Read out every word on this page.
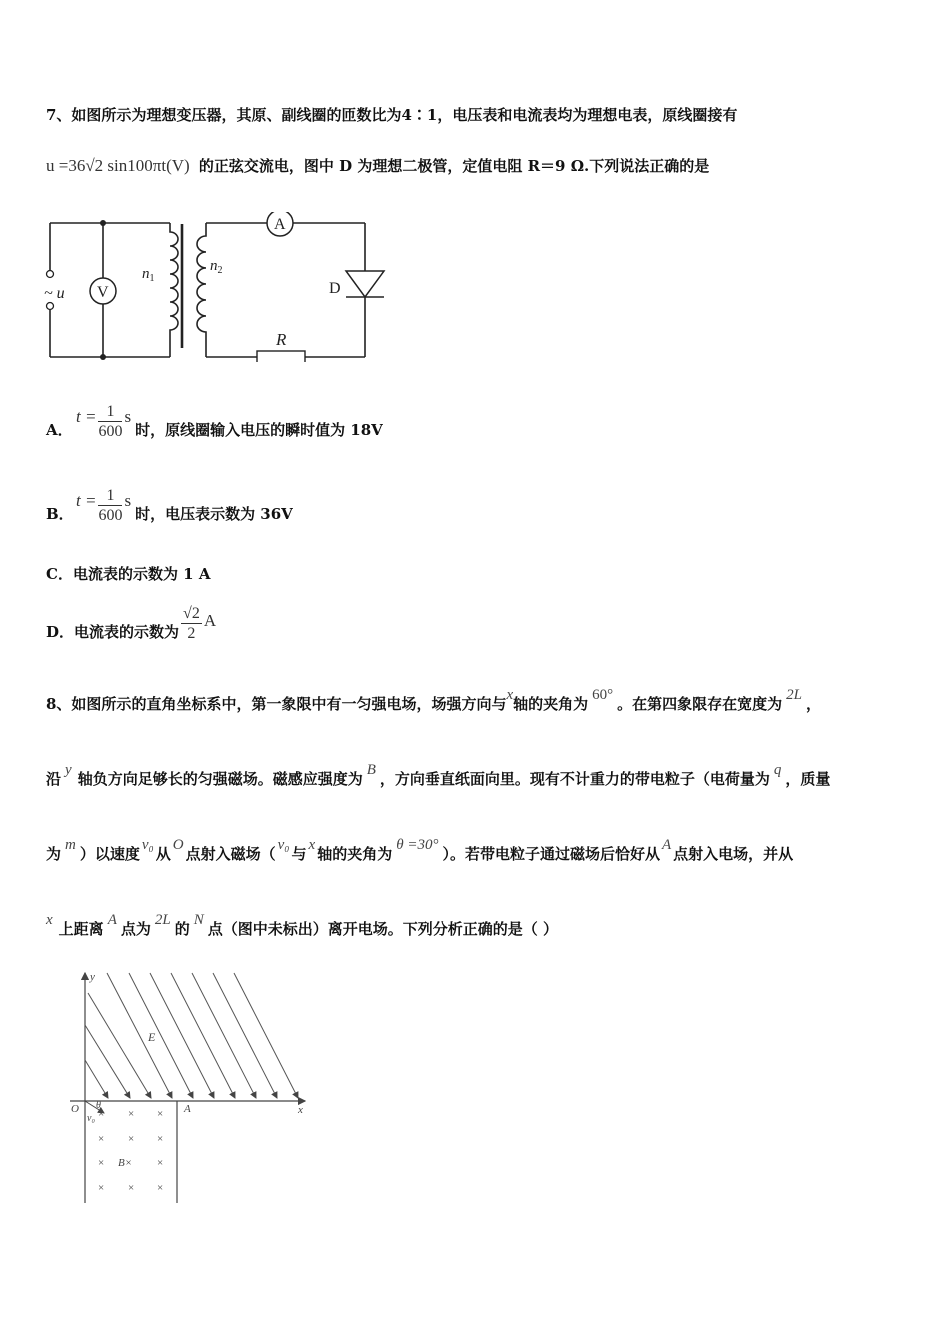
7、如图所示为理想变压器，其原、副线圈的匝数比为4∶1，电压表和电流表均为理想电表，原线圈接有
u =36√2 sin100πt(V) 的正弦交流电，图中 D 为理想二极管，定值电阻 R＝9 Ω.下列说法正确的是
~ u V
$n_1$
$n_2$
A
D
R
A．
$t = \frac{1}{600}$ s
时，原线圈输入电压的瞬时值为 18V
B．
$t = \frac{1}{600}$ s
时，电压表示数为 36V
C．电流表的示数为 1 A
D． 电流表的示数为 $\frac{√2}{2}$ A
8、如图所示的直角坐标系中，第一象限中有一匀强电场，场强方向与x轴的夹角为 60° 。在第四象限存在宽度为 2L ，
沿 y 轴负方向足够长的匀强磁场。磁感应强度为 B ，方向垂直纸面向里。现有不计重力的带电粒子（电荷量为 q ，质量
为 m ）以速度 v₀ 从 O 点射入磁场（ v₀ 与 x 轴的夹角为 θ =30° ）。若带电粒子通过磁场后恰好从 A 点射入电场，并从
x 上距离 A 点为 2L 的 N 点（图中未标出）离开电场。下列分析正确的是（ ）
y
x
O
E
A
θ
v₀ × × ×
× × ×
× B× ×
× × ×
